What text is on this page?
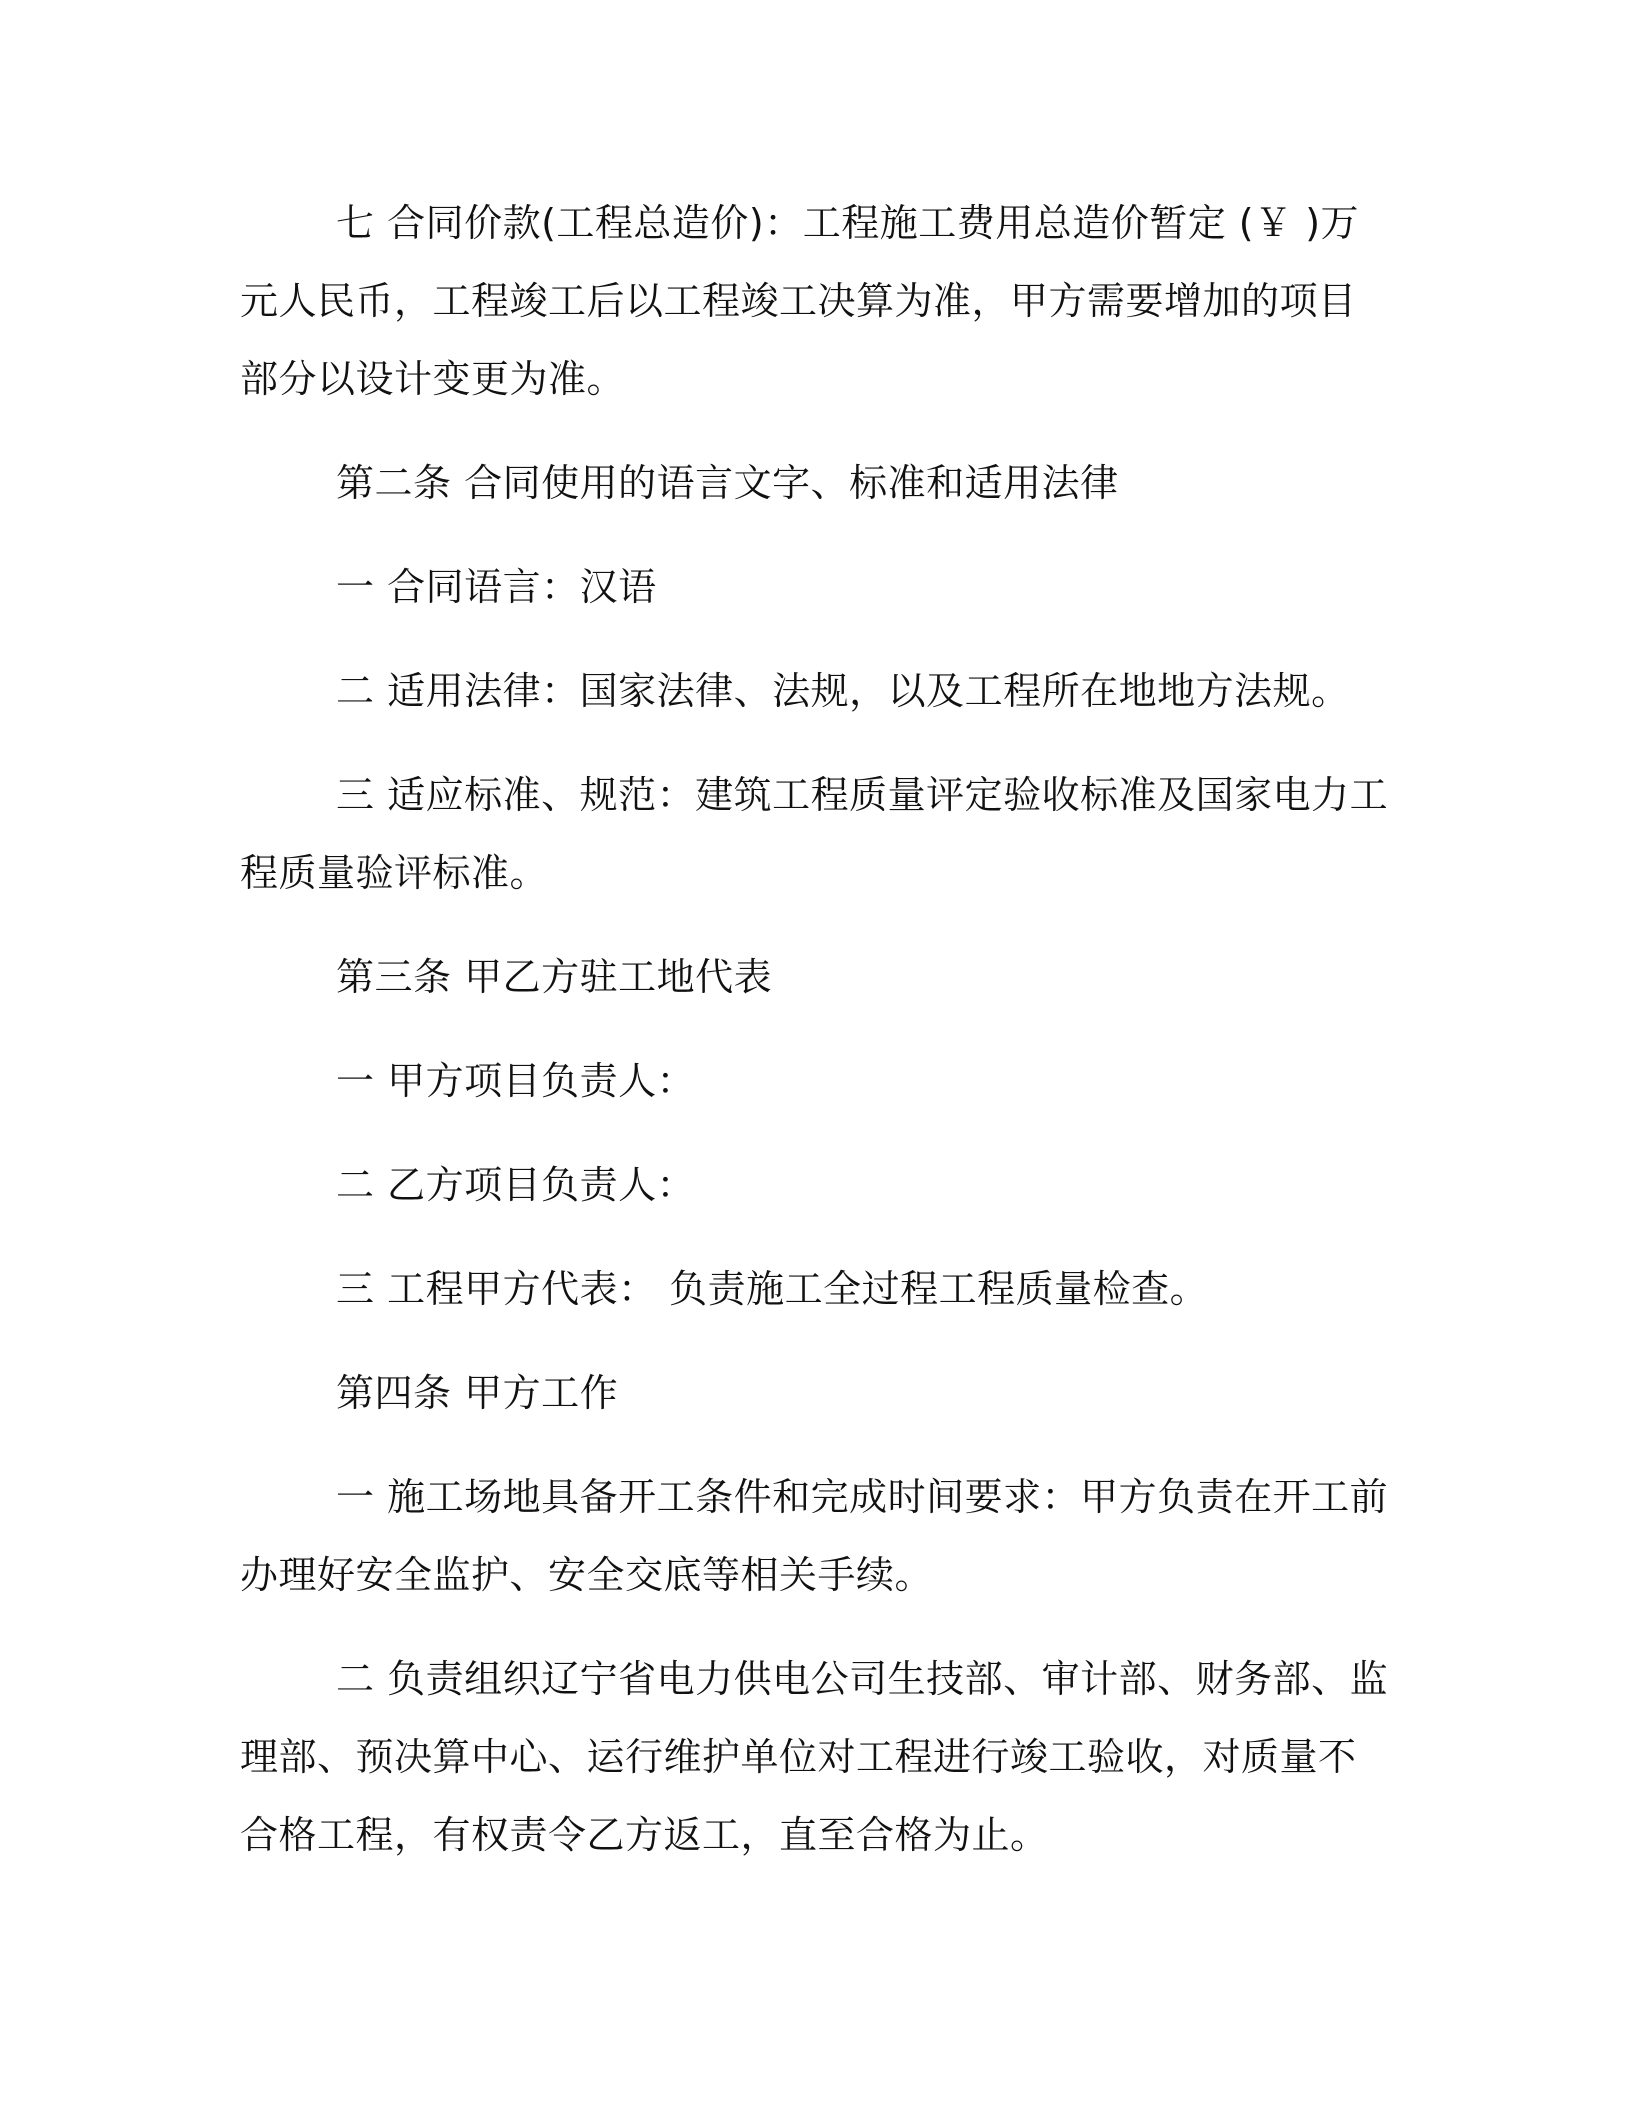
七 合同价款(工程总造价)：工程施工费用总造价暂定 (￥ )万元人民币，工程竣工后以工程竣工决算为准，甲方需要增加的项目部分以设计变更为准。

第二条 合同使用的语言文字、标准和适用法律

一 合同语言：汉语

二 适用法律：国家法律、法规，以及工程所在地地方法规。

三 适应标准、规范：建筑工程质量评定验收标准及国家电力工程质量验评标准。

第三条 甲乙方驻工地代表

一 甲方项目负责人：

二 乙方项目负责人：

三 工程甲方代表： 负责施工全过程工程质量检查。

第四条 甲方工作

一 施工场地具备开工条件和完成时间要求：甲方负责在开工前办理好安全监护、安全交底等相关手续。

二 负责组织辽宁省电力供电公司生技部、审计部、财务部、监理部、预决算中心、运行维护单位对工程进行竣工验收，对质量不合格工程，有权责令乙方返工，直至合格为止。
